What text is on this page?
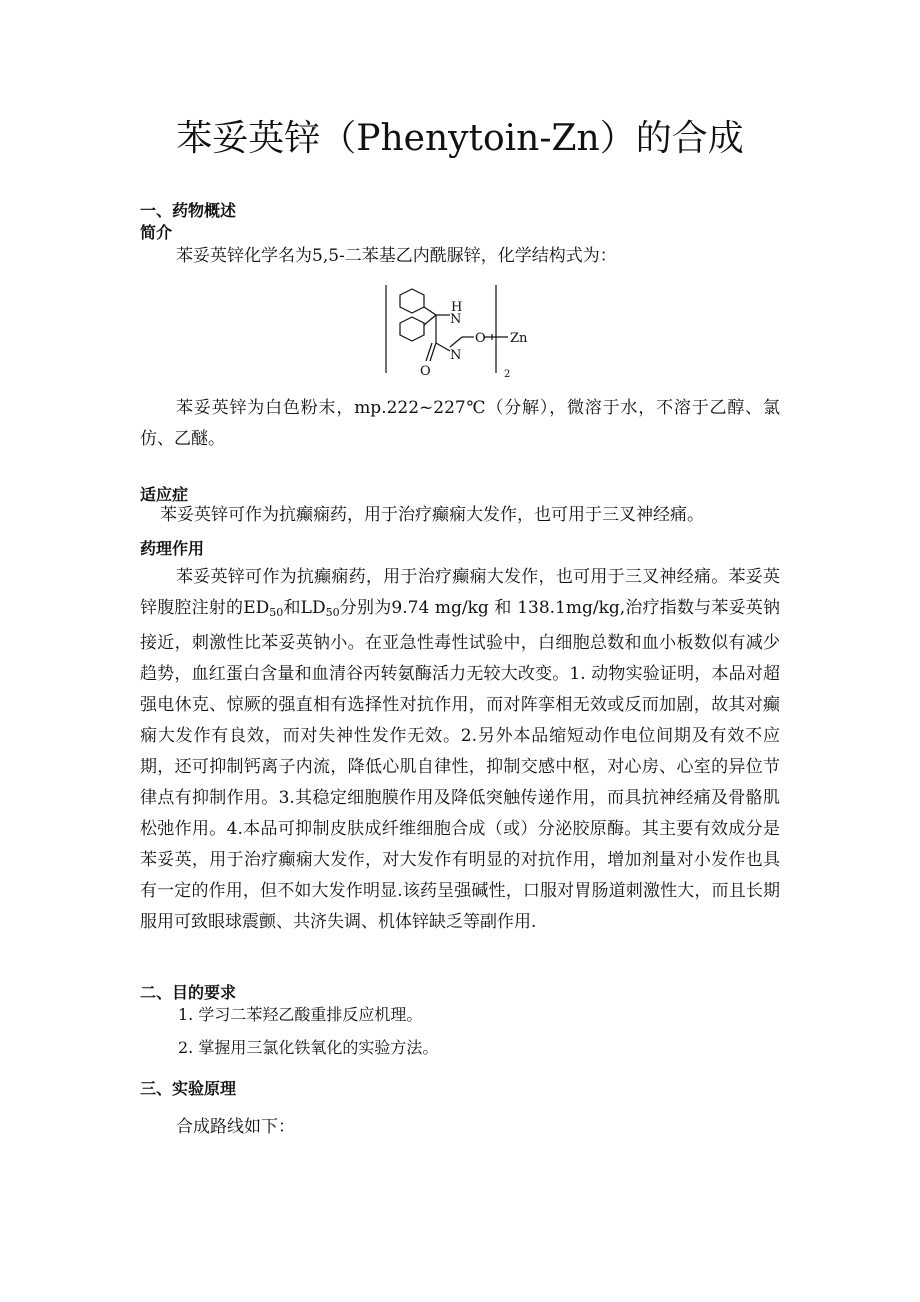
苯妥英锌（Phenytoin-Zn）的合成
一、药物概述
简介

苯妥英锌化学名为5,5-二苯基乙内酰脲锌，化学结构式为：

H
N
N
O
O
Zn
2

苯妥英锌为白色粉末，mp.222~227℃（分解），微溶于水，不溶于乙醇、氯仿、乙醚。

适应症

苯妥英锌可作为抗癫痫药，用于治疗癫痫大发作，也可用于三叉神经痛。

药理作用

苯妥英锌可作为抗癫痫药，用于治疗癫痫大发作，也可用于三叉神经痛。苯妥英锌腹腔注射的$ED_{50}$和$LD_{50}$分别为9.74 mg/kg 和 138.1mg/kg,治疗指数与苯妥英钠接近，刺激性比苯妥英钠小。在亚急性毒性试验中，白细胞总数和血小板数似有减少趋势，血红蛋白含量和血清谷丙转氨酶活力无较大改变。1. 动物实验证明，本品对超强电休克、惊厥的强直相有选择性对抗作用，而对阵挛相无效或反而加剧，故其对癫痫大发作有良效，而对失神性发作无效。2.另外本品缩短动作电位间期及有效不应期，还可抑制钙离子内流，降低心肌自律性，抑制交感中枢，对心房、心室的异位节律点有抑制作用。3.其稳定细胞膜作用及降低突触传递作用，而具抗神经痛及骨骼肌松弛作用。4.本品可抑制皮肤成纤维细胞合成（或）分泌胶原酶。其主要有效成分是苯妥英，用于治疗癫痫大发作，对大发作有明显的对抗作用，增加剂量对小发作也具有一定的作用，但不如大发作明显.该药呈强碱性，口服对胃肠道刺激性大，而且长期服用可致眼球震颤、共济失调、机体锌缺乏等副作用.

二、目的要求
1. 学习二苯羟乙酸重排反应机理。
2. 掌握用三氯化铁氧化的实验方法。
三、实验原理

合成路线如下：
